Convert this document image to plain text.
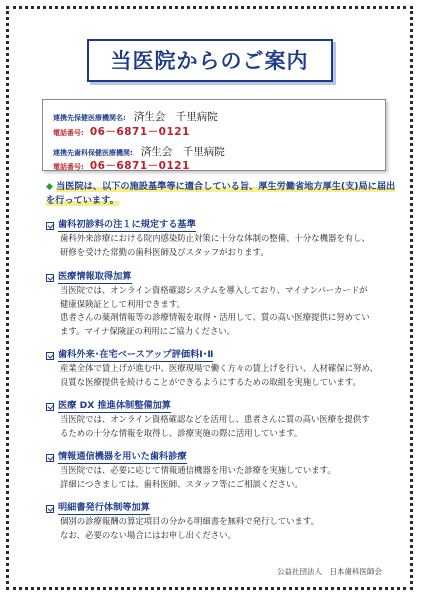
当医院からのご案内
連携先保健医療機関名: 済生会　千里病院
電話番号: 06－6871－0121
連携先歯科保健医療機関: 済生会　千里病院
電話番号: 06－6871－0121
◆ 当医院は、以下の施設基準等に適合している旨、厚生労働省地方厚生(支)局に届出
を行っています。
歯科初診料の注１に規定する基準
歯科外来診療における院内感染防止対策に十分な体制の整備、十分な機器を有し、
研修を受けた常勤の歯科医師及びスタッフがおります。
医療情報取得加算
当医院では、オンライン資格確認システムを導入しており、マイナンバーカードが
健康保険証として利用できます。
患者さんの薬剤情報等の診療情報を取得・活用して、質の高い医療提供に努めてい
ます。マイナ保険証の利用にご協力ください。
歯科外来･在宅ベースアップ評価料Ⅰ･Ⅱ
産業全体で賃上げが進む中、医療現場で働く方々の賃上げを行い、人材確保に努め、
良質な医療提供を続けることができるようにするための取組を実施しています。
医療 DX 推進体制整備加算
当医院では、オンライン資格確認などを活用し、患者さんに質の高い医療を提供す
るための十分な情報を取得し、診療実施の際に活用しています。
情報通信機器を用いた歯科診療
当医院では、必要に応じて情報通信機器を用いた診療を実施しています。
詳細につきましては、歯科医師、スタッフ等にご相談ください。
明細書発行体制等加算
個別の診療報酬の算定項目の分かる明細書を無料で発行しています。
なお、必要のない場合にはお申し出ください。
公益社団法人　日本歯科医師会
